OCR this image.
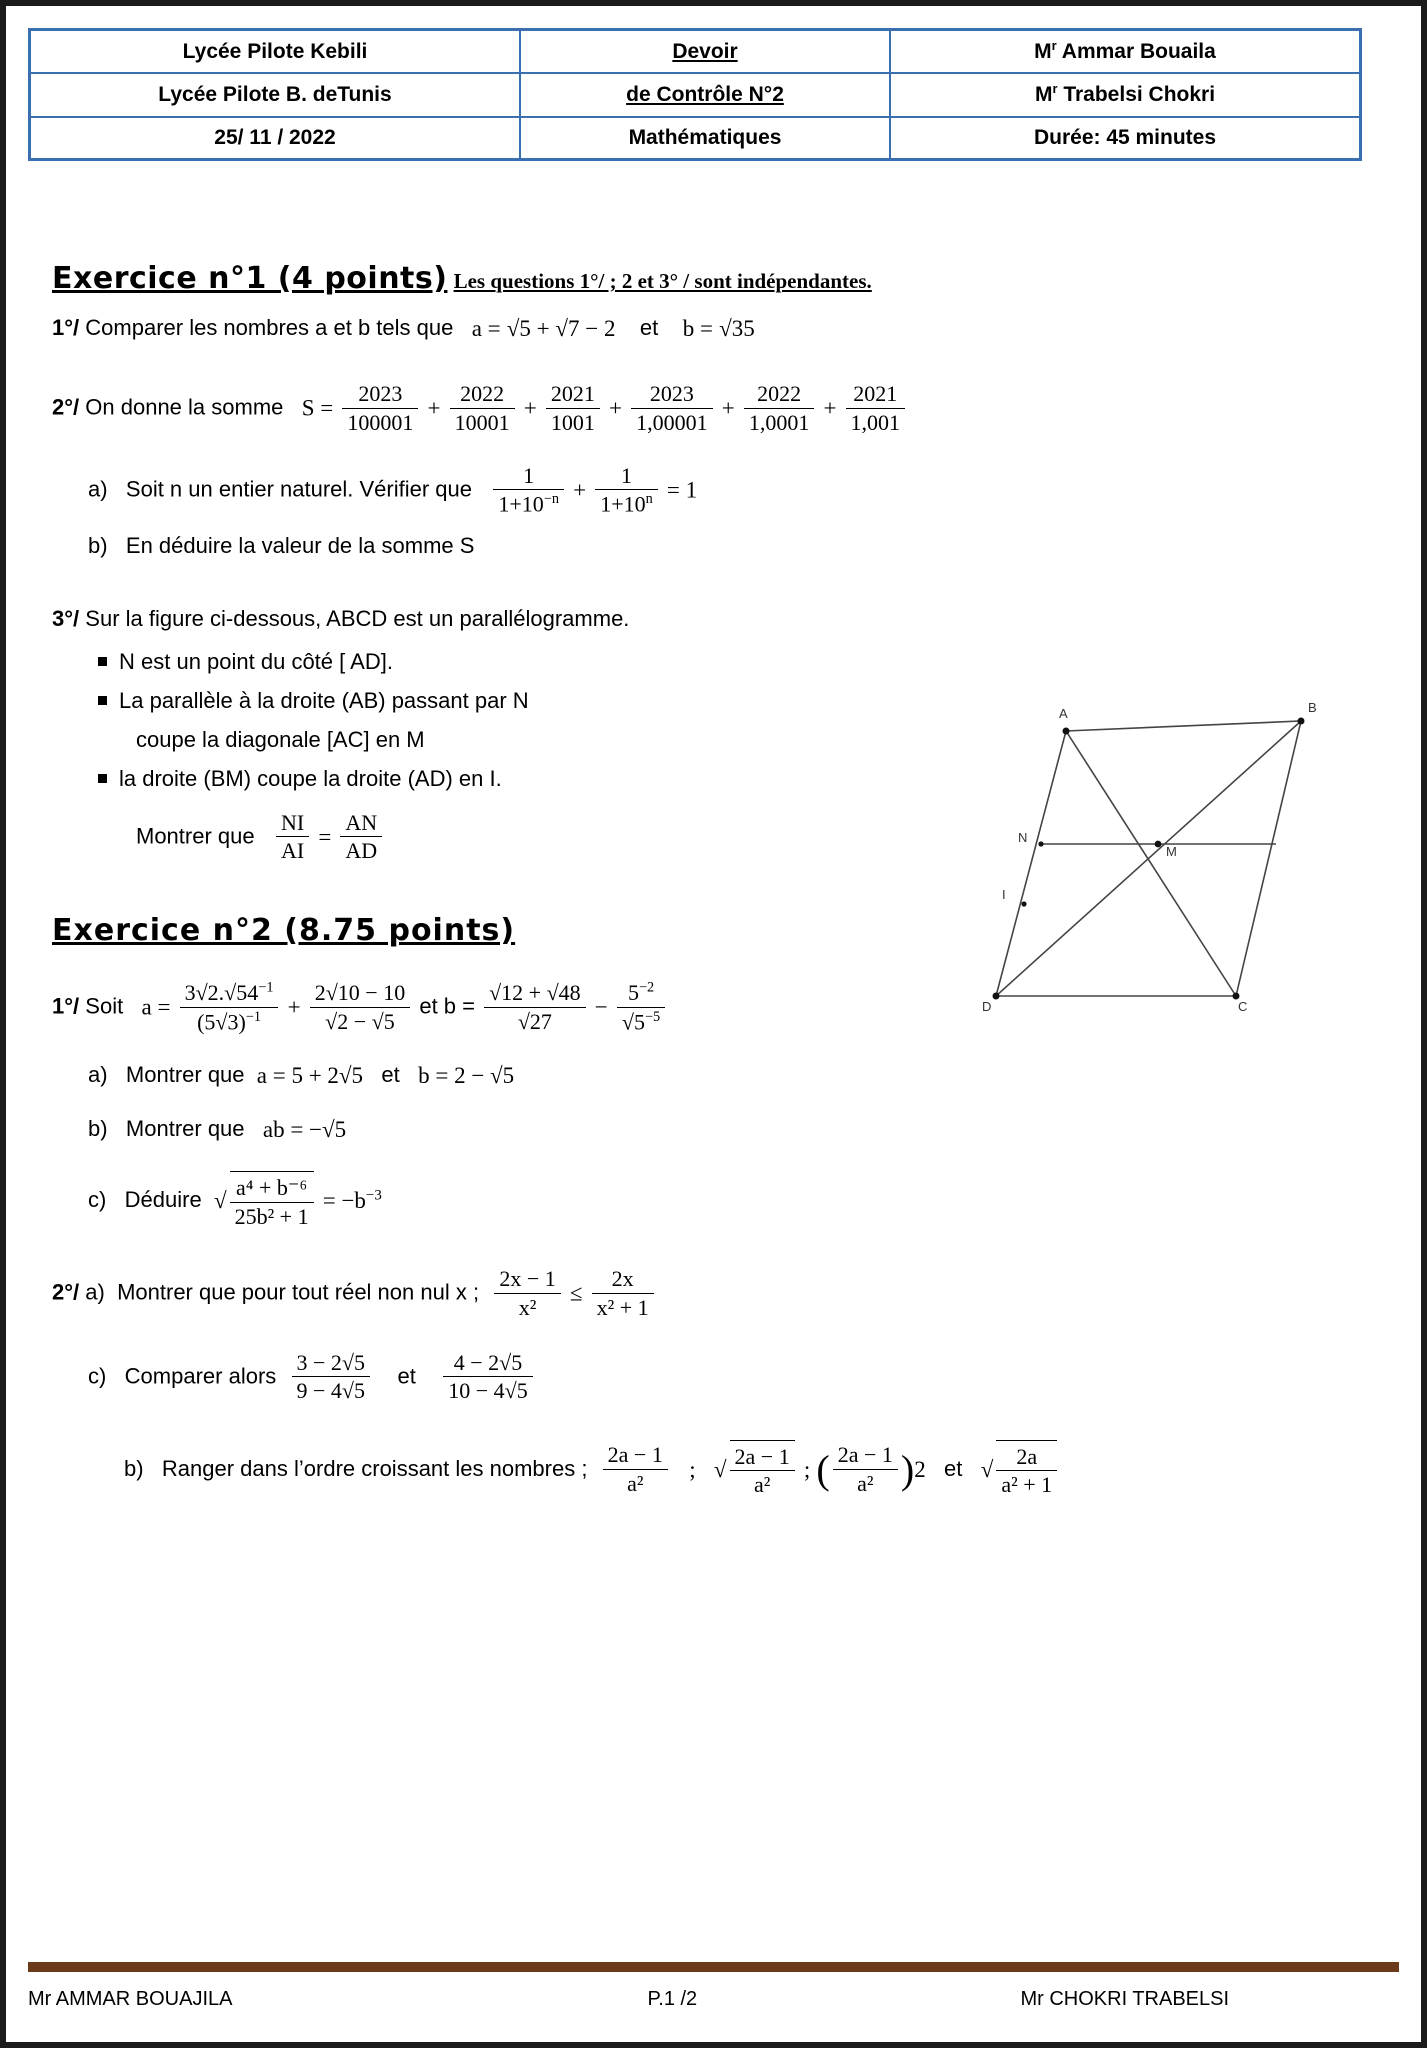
Lycée Pilote Kebili	Devoir	$M^r$ Ammar Bouaila
Lycée Pilote B. deTunis	de Contrôle N°2	$M^r$ Trabelsi Chokri
25/ 11 / 2022	Mathématiques	Durée: 45 minutes
A	B
N
M
I
D	C
Exercice n°1 (4 points) Les questions 1°/ ; 2 et 3° / sont indépendantes.
1°/ Comparer les nombres a et b tels que a = √5 + √7 − 2 et b = √35
2°/ On donne la somme $S = \frac{2023}{100001} + \frac{2022}{10001} + \frac{2021}{1001} + \frac{2023}{1,00001} + \frac{2022}{1,0001} + \frac{2021}{1,001}$
a) Soit n un entier naturel. Vérifier que $\frac{1}{1+10^{-n}} + \frac{1}{1+10^n} = 1$
b) En déduire la valeur de la somme S
3°/ Sur la figure ci-dessous, ABCD est un parallélogramme.
N est un point du côté [ AD].
La parallèle à la droite (AB) passant par N
coupe la diagonale [AC] en M
la droite (BM) coupe la droite (AD) en I.
Montrer que $\frac{NI}{AI} = \frac{AN}{AD}$
Exercice n°2 (8.75 points)
1°/ Soit $a = \frac{3√2.√54^{-1}}{(5√3)^{-1}} + \frac{2√10 - 10}{√2 - √5}$ et $b = \frac{√12 + √48}{√27} - \frac{5^{-2}}{√5^{-5}}$
a) Montrer que a = 5 + 2√5 et b = 2 − √5
b) Montrer que ab = −√5
c) Déduire √ $\frac{\text{a⁴ + b⁻⁶}}{\text{25b² + 1}} = -b^{-3}$
2°/ a) Montrer que pour tout réel non nul x ; $\frac{2x - 1}{\text{x²}} \le \frac{2x}{\text{x² + 1}}$
c) Comparer alors $\frac{3 - 2√5}{9 - 4√5}$ et $\frac{4 - 2√5}{10 - 4√5}$
b) Ranger dans l’ordre croissant les nombres ; $\frac{2a - 1}{\text{a²}}$ ; √ $\frac{2a - 1}{\text{a²}}$ ; ( $\frac{2a - 1}{\text{a²}} )2$ et √ $\frac{2a}{\text{a² + 1}}$
Mr AMMAR BOUAJILA	P.1 /2	Mr CHOKRI TRABELSI
